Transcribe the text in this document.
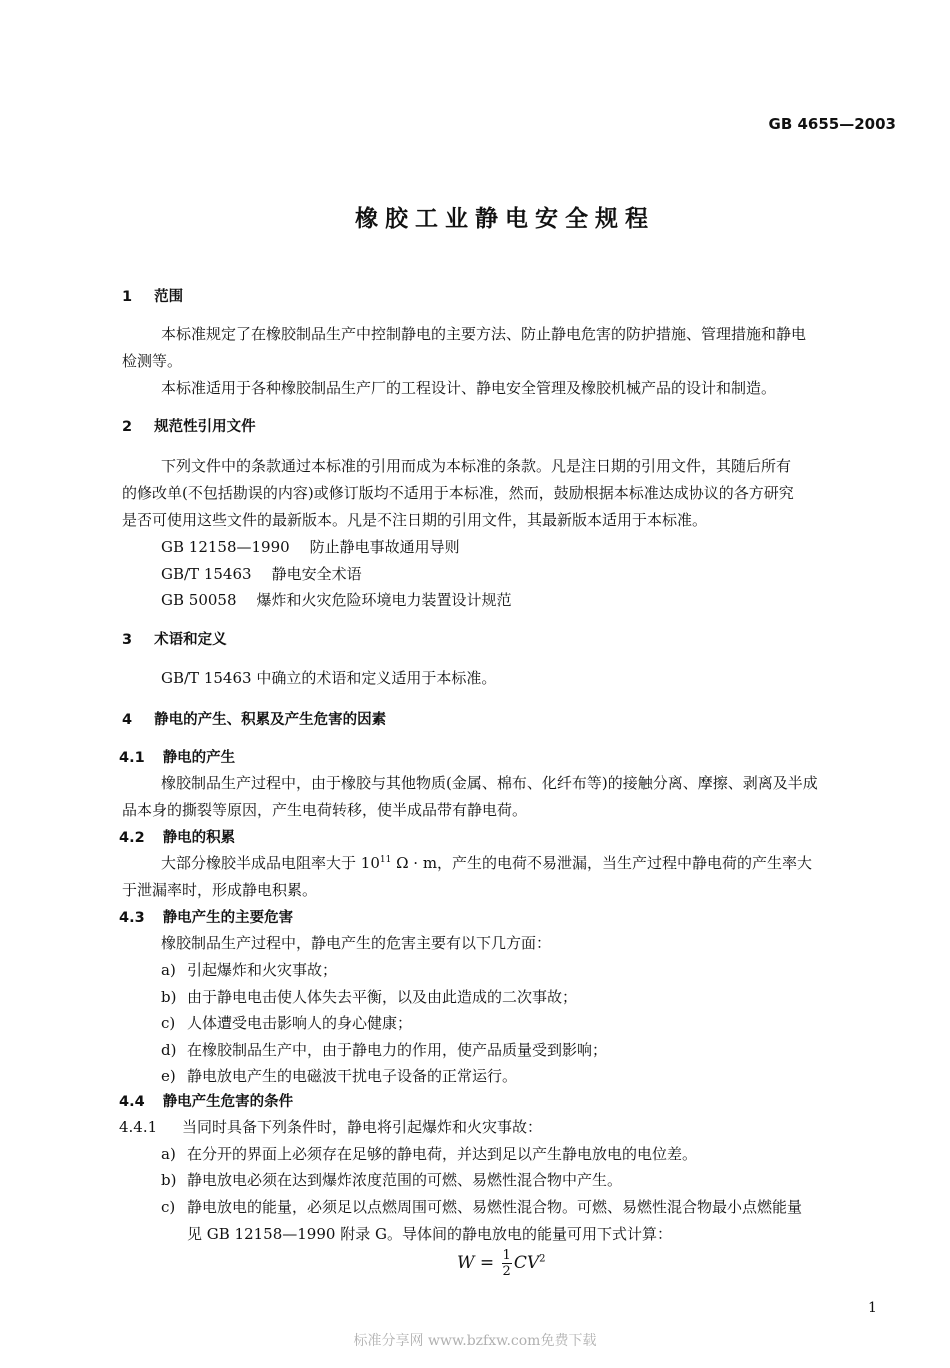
GB 4655—2003
橡胶工业静电安全规程
1 范围
本标准规定了在橡胶制品生产中控制静电的主要方法、防止静电危害的防护措施、管理措施和静电
检测等。
本标准适用于各种橡胶制品生产厂的工程设计、静电安全管理及橡胶机械产品的设计和制造。
2 规范性引用文件
下列文件中的条款通过本标准的引用而成为本标准的条款。凡是注日期的引用文件，其随后所有
的修改单(不包括勘误的内容)或修订版均不适用于本标准，然而，鼓励根据本标准达成协议的各方研究
是否可使用这些文件的最新版本。凡是不注日期的引用文件，其最新版本适用于本标准。
GB 12158—1990 防止静电事故通用导则
GB/T 15463 静电安全术语
GB 50058 爆炸和火灾危险环境电力装置设计规范
3 术语和定义
GB/T 15463 中确立的术语和定义适用于本标准。
4 静电的产生、积累及产生危害的因素
4.1 静电的产生
橡胶制品生产过程中，由于橡胶与其他物质(金属、棉布、化纤布等)的接触分离、摩擦、剥离及半成
品本身的撕裂等原因，产生电荷转移，使半成品带有静电荷。
4.2 静电的积累
大部分橡胶半成品电阻率大于 $10^{11}$ Ω · m，产生的电荷不易泄漏，当生产过程中静电荷的产生率大
于泄漏率时，形成静电积累。
4.3 静电产生的主要危害
橡胶制品生产过程中，静电产生的危害主要有以下几方面：
a) 引起爆炸和火灾事故；
b) 由于静电电击使人体失去平衡，以及由此造成的二次事故；
c) 人体遭受电击影响人的身心健康；
d) 在橡胶制品生产中，由于静电力的作用，使产品质量受到影响；
e) 静电放电产生的电磁波干扰电子设备的正常运行。
4.4 静电产生危害的条件
4.4.1 当同时具备下列条件时，静电将引起爆炸和火灾事故：
a) 在分开的界面上必须存在足够的静电荷，并达到足以产生静电放电的电位差。
b) 静电放电必须在达到爆炸浓度范围的可燃、易燃性混合物中产生。
c) 静电放电的能量，必须足以点燃周围可燃、易燃性混合物。可燃、易燃性混合物最小点燃能量
见 GB 12158—1990 附录 G。导体间的静电放电的能量可用下式计算：
$W = \frac{1}{2} CV^2$
1
标准分享网 www.bzfxw.com免费下载
